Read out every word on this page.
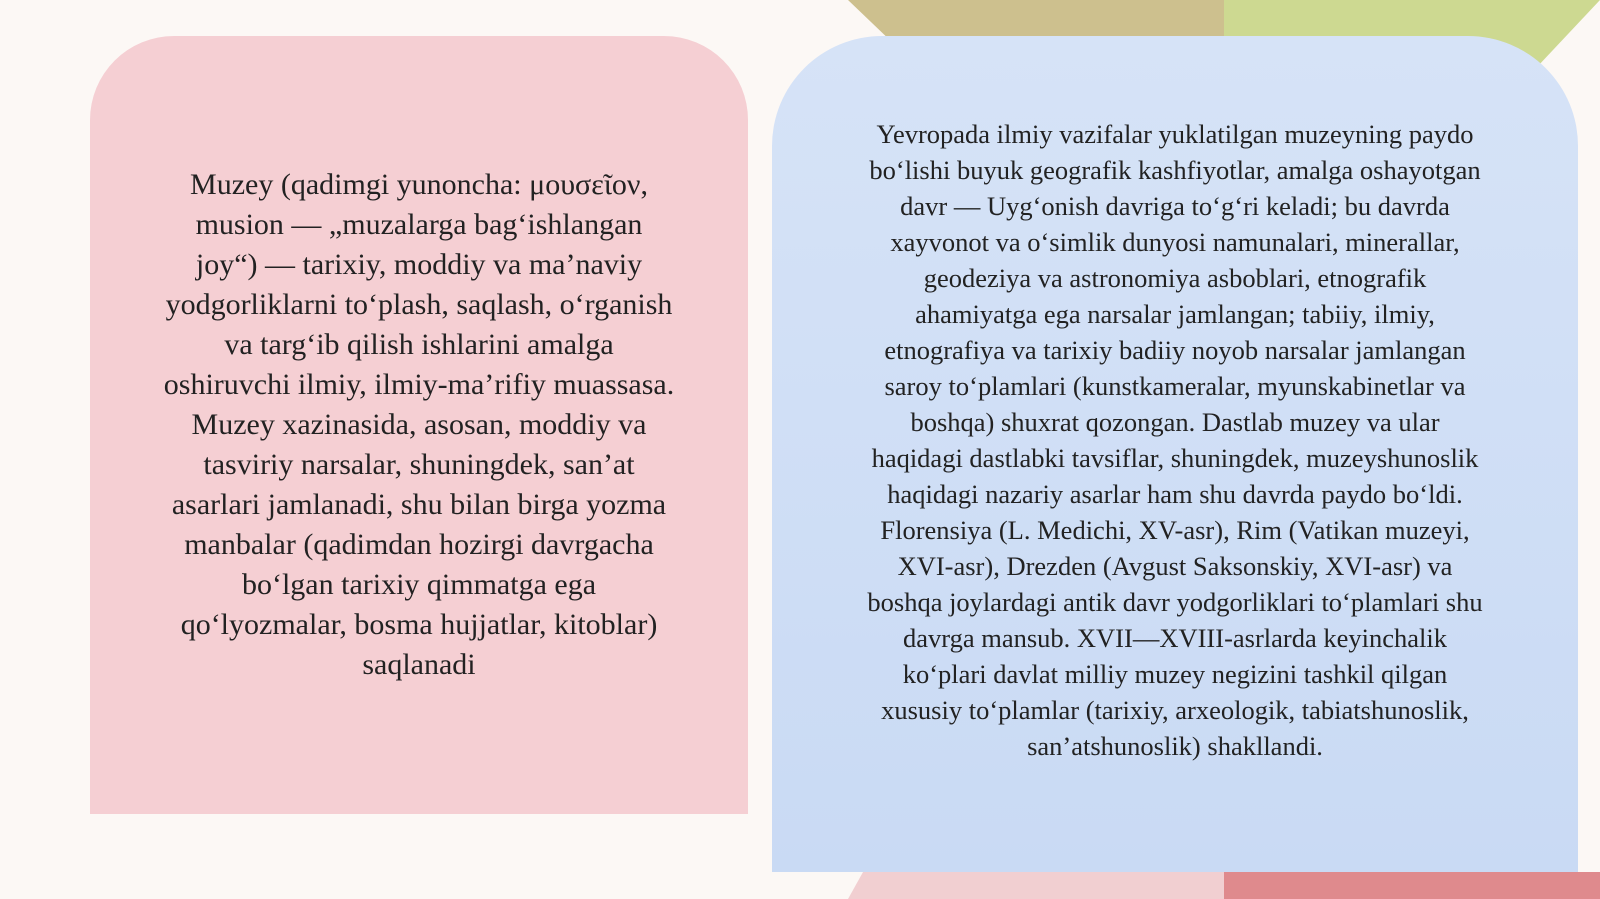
Muzey (qadimgi yunoncha: μουσεῖον,
musion — „muzalarga bag‘ishlangan
joy“) — tarixiy, moddiy va ma’naviy
yodgorliklarni to‘plash, saqlash, o‘rganish
va targ‘ib qilish ishlarini amalga
oshiruvchi ilmiy, ilmiy-ma’rifiy muassasa.
Muzey xazinasida, asosan, moddiy va
tasviriy narsalar, shuningdek, san’at
asarlari jamlanadi, shu bilan birga yozma
manbalar (qadimdan hozirgi davrgacha
bo‘lgan tarixiy qimmatga ega
qo‘lyozmalar, bosma hujjatlar, kitoblar)
saqlanadi

Yevropada ilmiy vazifalar yuklatilgan muzeyning paydo
bo‘lishi buyuk geografik kashfiyotlar, amalga oshayotgan
davr — Uyg‘onish davriga to‘g‘ri keladi; bu davrda
xayvonot va o‘simlik dunyosi namunalari, minerallar,
geodeziya va astronomiya asboblari, etnografik
ahamiyatga ega narsalar jamlangan; tabiiy, ilmiy,
etnografiya va tarixiy badiiy noyob narsalar jamlangan
saroy to‘plamlari (kunstkameralar, myunskabinetlar va
boshqa) shuxrat qozongan. Dastlab muzey va ular
haqidagi dastlabki tavsiflar, shuningdek, muzeyshunoslik
haqidagi nazariy asarlar ham shu davrda paydo bo‘ldi.
Florensiya (L. Medichi, XV-asr), Rim (Vatikan muzeyi,
XVI-asr), Drezden (Avgust Saksonskiy, XVI-asr) va
boshqa joylardagi antik davr yodgorliklari to‘plamlari shu
davrga mansub. XVII—XVIII-asrlarda keyinchalik
ko‘plari davlat milliy muzey negizini tashkil qilgan
xususiy to‘plamlar (tarixiy, arxeologik, tabiatshunoslik,
san’atshunoslik) shakllandi.
